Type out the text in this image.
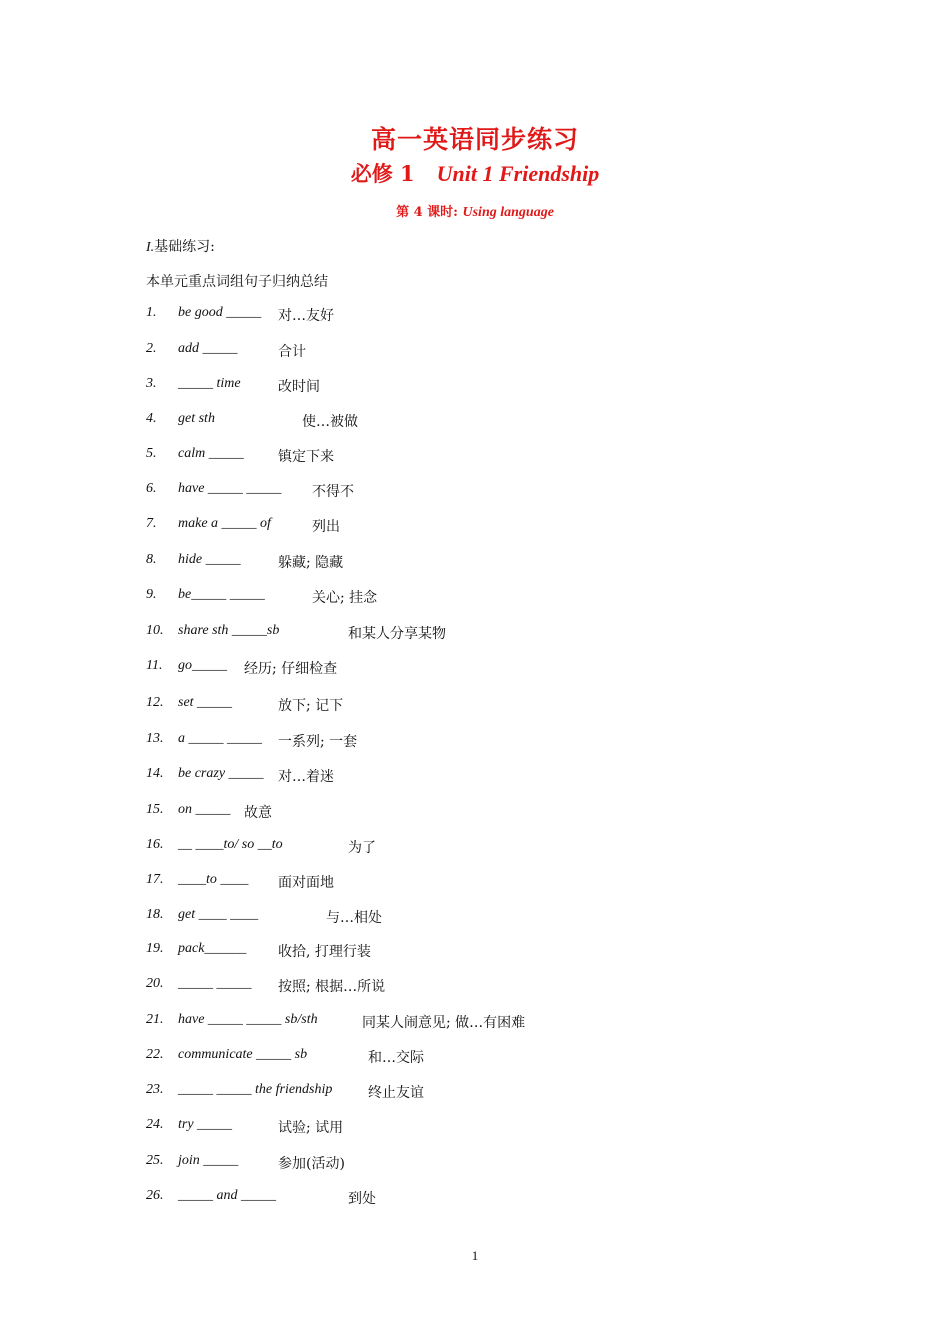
高一英语同步练习
必修 1 Unit 1 Friendship
第 4 课时: Using language
I.基础练习:
本单元重点词组句子归纳总结
1.	be good _____ 对…友好
2.	add _____	合计
3.	_____ time	改时间
4.	get sth	使…被做
5.	calm _____ 镇定下来
6.	have _____ _____ 不得不
7.	make a _____ of	列出
8.	hide _____	躲藏; 隐藏
9.	be_____ _____	关心; 挂念
10.	share sth _____sb	和某人分享某物
11.	go_____ 经历; 仔细检查
12.	set _____	放下; 记下
13.	a _____ _____ 一系列; 一套
14.	be crazy _____ 对…着迷
15.	on _____ 故意
16.	__ ____to/ so __to	为了
17.	____to ____ 面对面地
18.	get ____ ____	与…相处
19.	pack______ 收拾, 打理行装
20.	_____ _____ 按照; 根据…所说
21.	have _____ _____ sb/sth	同某人闹意见; 做…有困难
22.	communicate _____ sb	和…交际
23.	_____ _____ the friendship	终止友谊
24.	try _____	试验; 试用
25.	join _____	参加(活动)
26.	_____ and _____	到处
1
